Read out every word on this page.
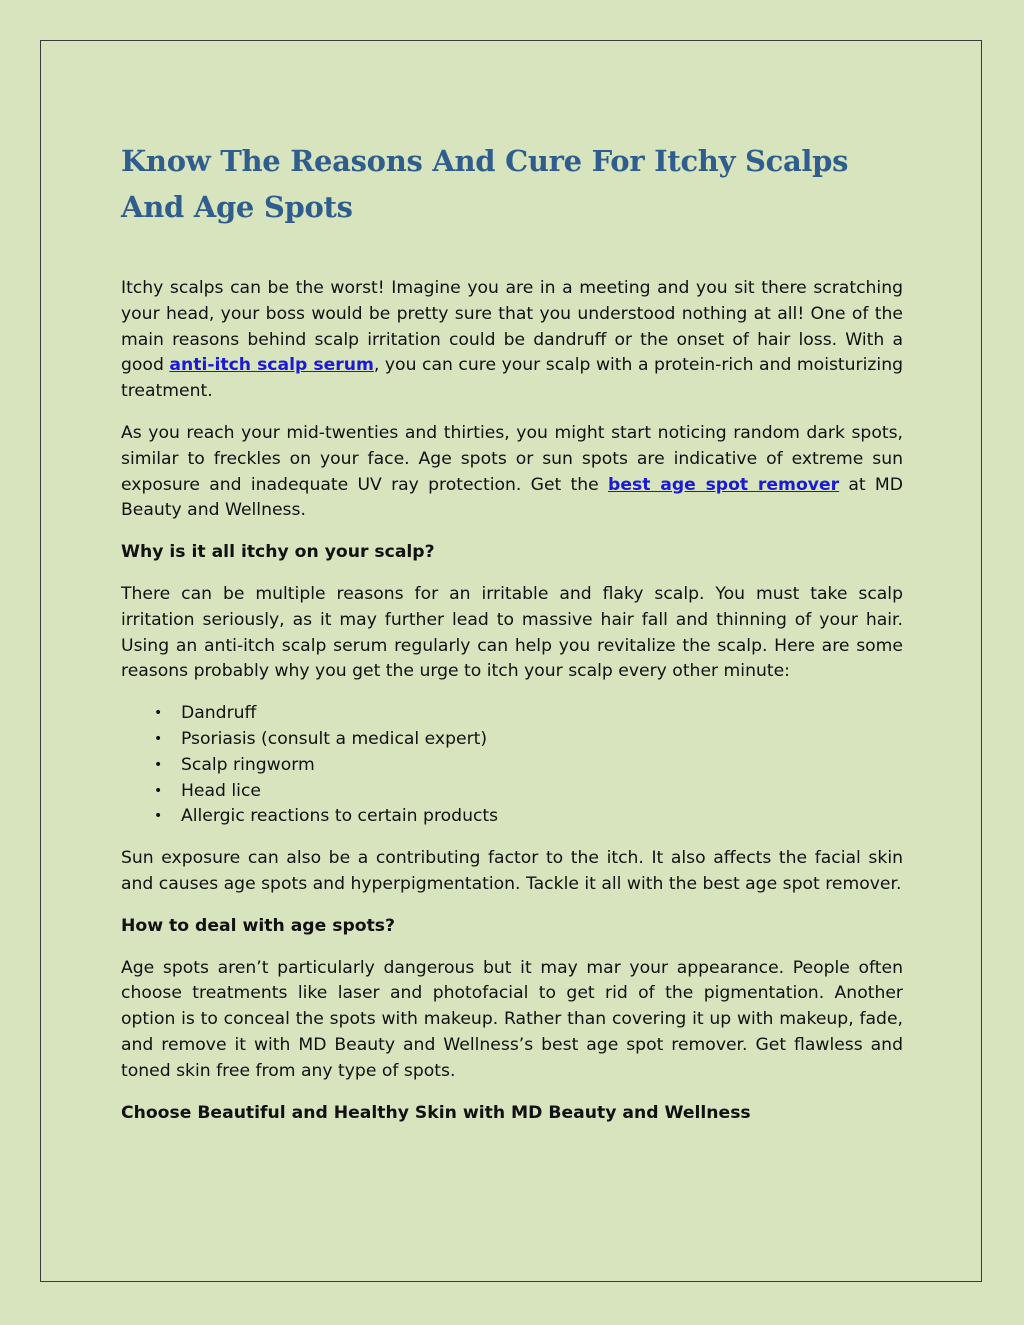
Know The Reasons And Cure For Itchy Scalps And Age Spots

Itchy scalps can be the worst! Imagine you are in a meeting and you sit there scratching your head, your boss would be pretty sure that you understood nothing at all! One of the main reasons behind scalp irritation could be dandruff or the onset of hair loss. With a good anti-itch scalp serum, you can cure your scalp with a protein-rich and moisturizing treatment.

As you reach your mid-twenties and thirties, you might start noticing random dark spots, similar to freckles on your face. Age spots or sun spots are indicative of extreme sun exposure and inadequate UV ray protection. Get the best age spot remover at MD Beauty and Wellness.

Why is it all itchy on your scalp?

There can be multiple reasons for an irritable and flaky scalp. You must take scalp irritation seriously, as it may further lead to massive hair fall and thinning of your hair. Using an anti-itch scalp serum regularly can help you revitalize the scalp. Here are some reasons probably why you get the urge to itch your scalp every other minute:

• Dandruff
• Psoriasis (consult a medical expert)
• Scalp ringworm
• Head lice
• Allergic reactions to certain products

Sun exposure can also be a contributing factor to the itch. It also affects the facial skin and causes age spots and hyperpigmentation. Tackle it all with the best age spot remover.

How to deal with age spots?

Age spots aren’t particularly dangerous but it may mar your appearance. People often choose treatments like laser and photofacial to get rid of the pigmentation. Another option is to conceal the spots with makeup. Rather than covering it up with makeup, fade, and remove it with MD Beauty and Wellness’s best age spot remover. Get flawless and toned skin free from any type of spots.

Choose Beautiful and Healthy Skin with MD Beauty and Wellness
